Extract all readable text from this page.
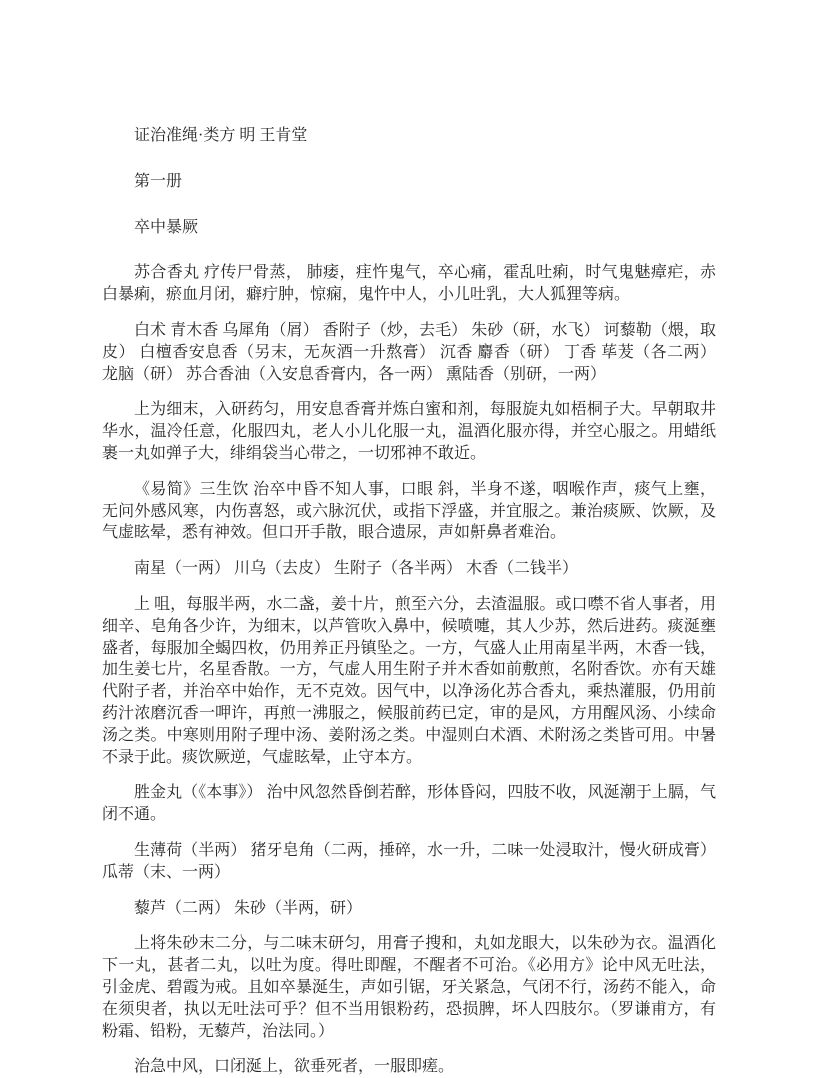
证治准绳·类方 明 王肯堂

第一册

卒中暴厥

苏合香丸 疗传尸骨蒸， 肺痿，疰忤鬼气，卒心痛，霍乱吐痢，时气鬼魅瘴疟，赤白暴痢，瘀血月闭，癖疔肿，惊痫，鬼忤中人，小儿吐乳，大人狐狸等病。

白术 青木香 乌犀角（屑） 香附子（炒，去毛） 朱砂（研，水飞） 诃藜勒（煨，取皮） 白檀香安息香（另末，无灰酒一升熬膏） 沉香 麝香（研） 丁香 荜茇（各二两） 龙脑（研） 苏合香油（入安息香膏内，各一两） 熏陆香（别研，一两）

上为细末，入研药匀，用安息香膏并炼白蜜和剂，每服旋丸如梧桐子大。早朝取井华水，温冷任意，化服四丸，老人小儿化服一丸，温酒化服亦得，并空心服之。用蜡纸裹一丸如弹子大，绯绢袋当心带之，一切邪神不敢近。

《易简》三生饮 治卒中昏不知人事，口眼 斜，半身不遂，咽喉作声，痰气上壅，无问外感风寒，内伤喜怒，或六脉沉伏，或指下浮盛，并宜服之。兼治痰厥、饮厥，及气虚眩晕，悉有神效。但口开手散，眼合遗尿，声如鼾鼻者难治。

南星（一两） 川乌（去皮） 生附子（各半两） 木香（二钱半）

上 咀，每服半两，水二盏，姜十片，煎至六分，去渣温服。或口噤不省人事者，用细辛、皂角各少许，为细末，以芦管吹入鼻中，候喷嚏，其人少苏，然后进药。痰涎壅盛者，每服加全蝎四枚，仍用养正丹镇坠之。一方，气盛人止用南星半两，木香一钱，加生姜七片，名星香散。一方，气虚人用生附子并木香如前敷煎，名附香饮。亦有天雄代附子者，并治卒中始作，无不克效。因气中，以净汤化苏合香丸，乘热灌服，仍用前药汁浓磨沉香一呷许，再煎一沸服之，候服前药已定，审的是风，方用醒风汤、小续命汤之类。中寒则用附子理中汤、姜附汤之类。中湿则白术酒、术附汤之类皆可用。中暑不录于此。痰饮厥逆，气虚眩晕，止守本方。

胜金丸（《本事》） 治中风忽然昏倒若醉，形体昏闷，四肢不收，风涎潮于上膈，气闭不通。

生薄荷（半两） 猪牙皂角（二两，捶碎，水一升，二味一处浸取汁，慢火研成膏） 瓜蒂（末、一两）

藜芦（二两） 朱砂（半两，研）

上将朱砂末二分，与二味末研匀，用膏子搜和，丸如龙眼大，以朱砂为衣。温酒化下一丸，甚者二丸，以吐为度。得吐即醒，不醒者不可治。《必用方》论中风无吐法，引金虎、碧霞为戒。且如卒暴涎生，声如引锯，牙关紧急，气闭不行，汤药不能入，命在须臾者，执以无吐法可乎？但不当用银粉药，恐损脾，坏人四肢尔。（罗谦甫方，有粉霜、铅粉，无藜芦，治法同。）

治急中风，口闭涎上，欲垂死者，一服即瘥。
